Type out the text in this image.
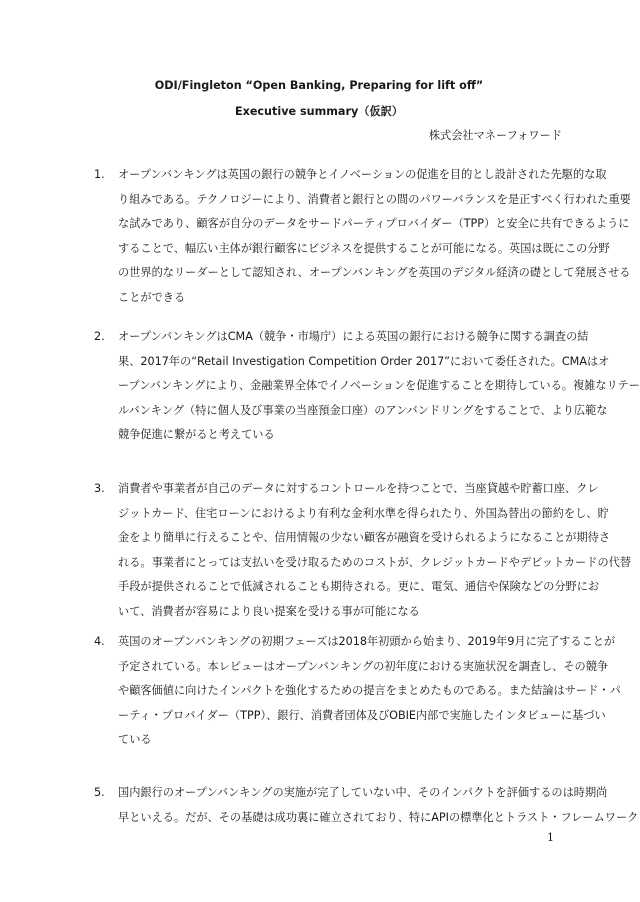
ODI/Fingleton “Open Banking, Preparing for lift off”
Executive summary（仮訳）
株式会社マネーフォワード
1. オープンバンキングは英国の銀行の競争とイノベーションの促進を目的とし設計された先駆的な取
り組みである。テクノロジーにより、消費者と銀行との間のパワーバランスを是正すべく行われた重要
な試みであり、顧客が自分のデータをサードパーティプロバイダー（TPP）と安全に共有できるように
することで、幅広い主体が銀行顧客にビジネスを提供することが可能になる。英国は既にこの分野
の世界的なリーダーとして認知され、オープンバンキングを英国のデジタル経済の礎として発展させる
ことができる
2. オープンバンキングはCMA（競争・市場庁）による英国の銀行における競争に関する調査の結
果、2017年の“Retail Investigation Competition Order 2017”において委任された。CMAはオ
ープンバンキングにより、金融業界全体でイノベーションを促進することを期待している。複雑なリテー
ルバンキング（特に個人及び事業の当座預金口座）のアンバンドリングをすることで、より広範な
競争促進に繋がると考えている
3. 消費者や事業者が自己のデータに対するコントロールを持つことで、当座貸越や貯蓄口座、クレ
ジットカード、住宅ローンにおけるより有利な金利水準を得られたり、外国為替出の節約をし、貯
金をより簡単に行えることや、信用情報の少ない顧客が融資を受けられるようになることが期待さ
れる。事業者にとっては支払いを受け取るためのコストが、クレジットカードやデビットカードの代替
手段が提供されることで低減されることも期待される。更に、電気、通信や保険などの分野にお
いて、消費者が容易により良い提案を受ける事が可能になる
4. 英国のオープンバンキングの初期フェーズは2018年初頭から始まり、2019年9月に完了することが
予定されている。本レビューはオープンバンキングの初年度における実施状況を調査し、その競争
や顧客価値に向けたインパクトを強化するための提言をまとめたものである。また結論はサード・パ
ーティ・プロバイダー（TPP）、銀行、消費者団体及びOBIE内部で実施したインタビューに基づい
ている
5. 国内銀行のオープンバンキングの実施が完了していない中、そのインパクトを評価するのは時期尚
早といえる。だが、その基礎は成功裏に確立されており、特にAPIの標準化とトラスト・フレームワーク
1
